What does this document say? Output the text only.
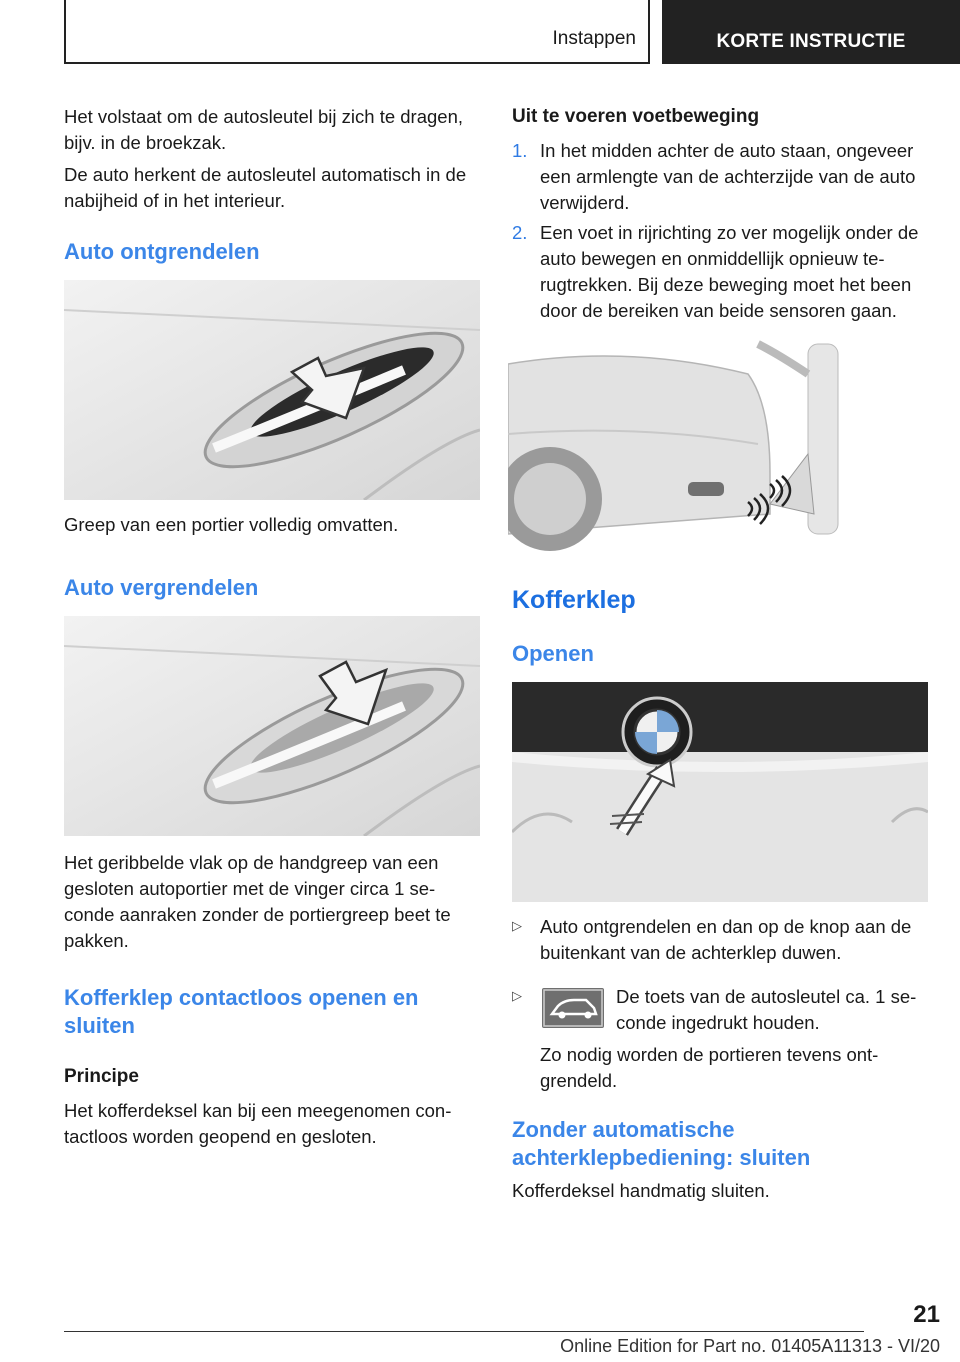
Instappen	KORTE INSTRUCTIE

Het volstaat om de autosleutel bij zich te dragen, bijv. in de broekzak.

De auto herkent de autosleutel automatisch in de nabijheid of in het interieur.

Auto ontgrendelen

Greep van een portier volledig omvatten.

Auto vergrendelen

Het geribbelde vlak op de handgreep van een gesloten autoportier met de vinger circa 1 se-conde aanraken zonder de portiergreep beet te pakken.

Kofferklep contactloos openen en sluiten
Principe

Het kofferdeksel kan bij een meegenomen con-tactloos worden geopend en gesloten.

Uit te voeren voetbeweging
1. In het midden achter de auto staan, ongeveer een armlengte van de achterzijde van de auto verwijderd.

2. Een voet in rijrichting zo ver mogelijk onder de auto bewegen en onmiddellijk opnieuw te-rugtrekken. Bij deze beweging moet het been door de bereiken van beide sensoren gaan.

Kofferklep
Openen
▷ Auto ontgrendelen en dan op de knop aan de buitenkant van de achterklep duwen.

▷	De toets van de autosleutel ca. 1 se-conde ingedrukt houden.

Zo nodig worden de portieren tevens ont-grendeld.

Zonder automatische achterklepbediening: sluiten

Kofferdeksel handmatig sluiten.

21
Online Edition for Part no. 01405A11313 - VI/20
